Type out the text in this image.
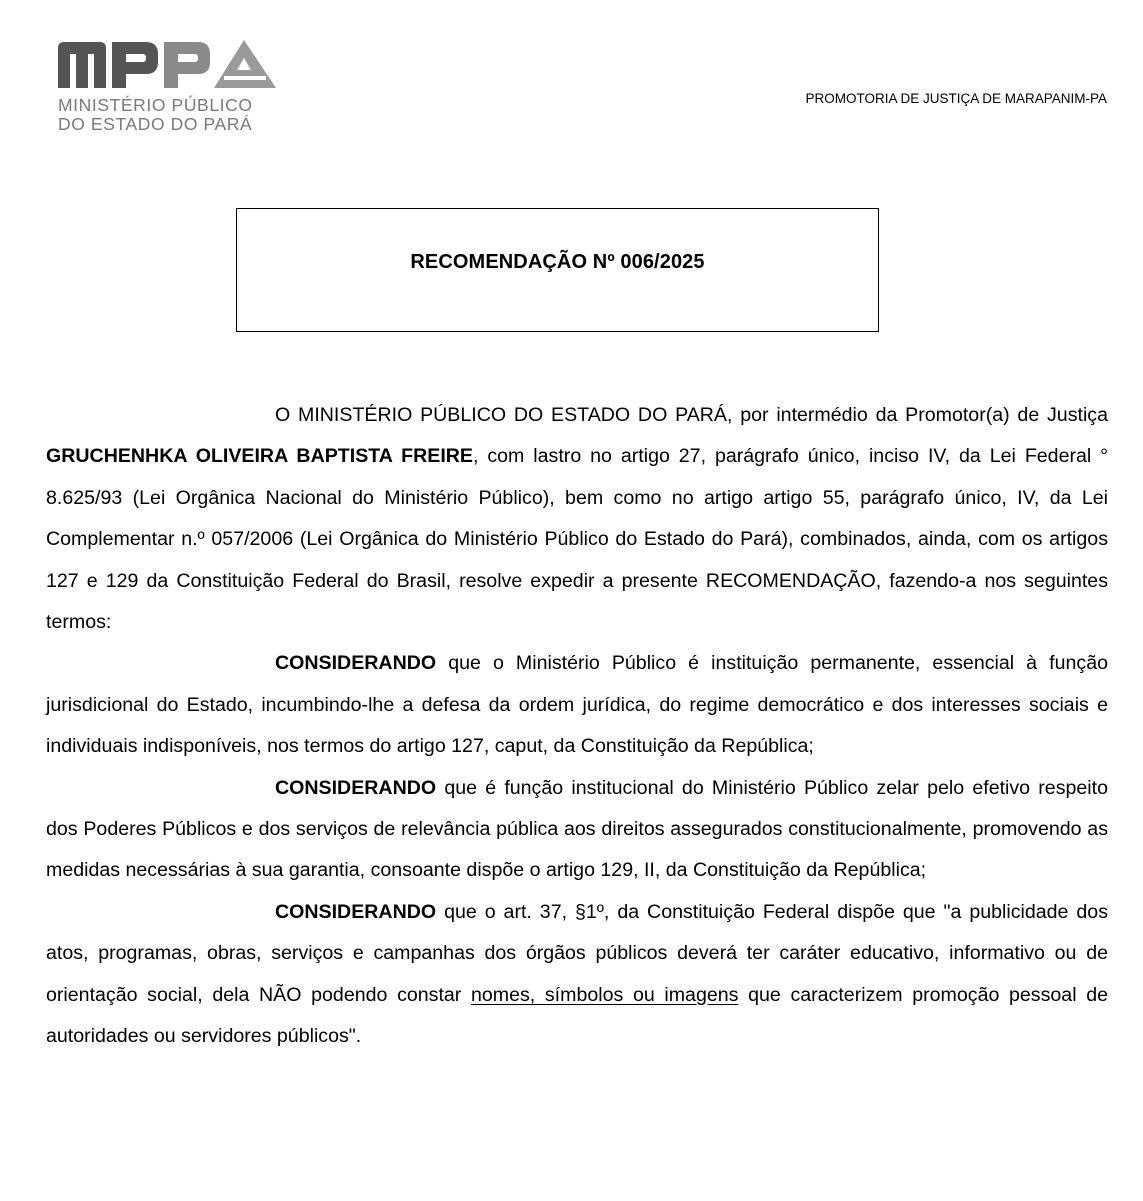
MINISTÉRIO PÚBLICO
DO ESTADO DO PARÁ
PROMOTORIA DE JUSTIÇA DE MARAPANIM-PA
RECOMENDAÇÃO Nº 006/2025

O MINISTÉRIO PÚBLICO DO ESTADO DO PARÁ, por intermédio da Promotor(a) de Justiça GRUCHENHKA OLIVEIRA BAPTISTA FREIRE, com lastro no artigo 27, parágrafo único, inciso IV, da Lei Federal ° 8.625/93 (Lei Orgânica Nacional do Ministério Público), bem como no artigo artigo 55, parágrafo único, IV, da Lei Complementar n.º 057/2006 (Lei Orgânica do Ministério Público do Estado do Pará), combinados, ainda, com os artigos 127 e 129 da Constituição Federal do Brasil, resolve expedir a presente RECOMENDAÇÃO, fazendo-a nos seguintes termos:

CONSIDERANDO que o Ministério Público é instituição permanente, essencial à função jurisdicional do Estado, incumbindo-lhe a defesa da ordem jurídica, do regime democrático e dos interesses sociais e individuais indisponíveis, nos termos do artigo 127, caput, da Constituição da República;

CONSIDERANDO que é função institucional do Ministério Público zelar pelo efetivo respeito dos Poderes Públicos e dos serviços de relevância pública aos direitos assegurados constitucionalmente, promovendo as medidas necessárias à sua garantia, consoante dispõe o artigo 129, II, da Constituição da República;

CONSIDERANDO que o art. 37, §1º, da Constituição Federal dispõe que "a publicidade dos atos, programas, obras, serviços e campanhas dos órgãos públicos deverá ter caráter educativo, informativo ou de orientação social, dela NÃO podendo constar nomes, símbolos ou imagens que caracterizem promoção pessoal de autoridades ou servidores públicos".
